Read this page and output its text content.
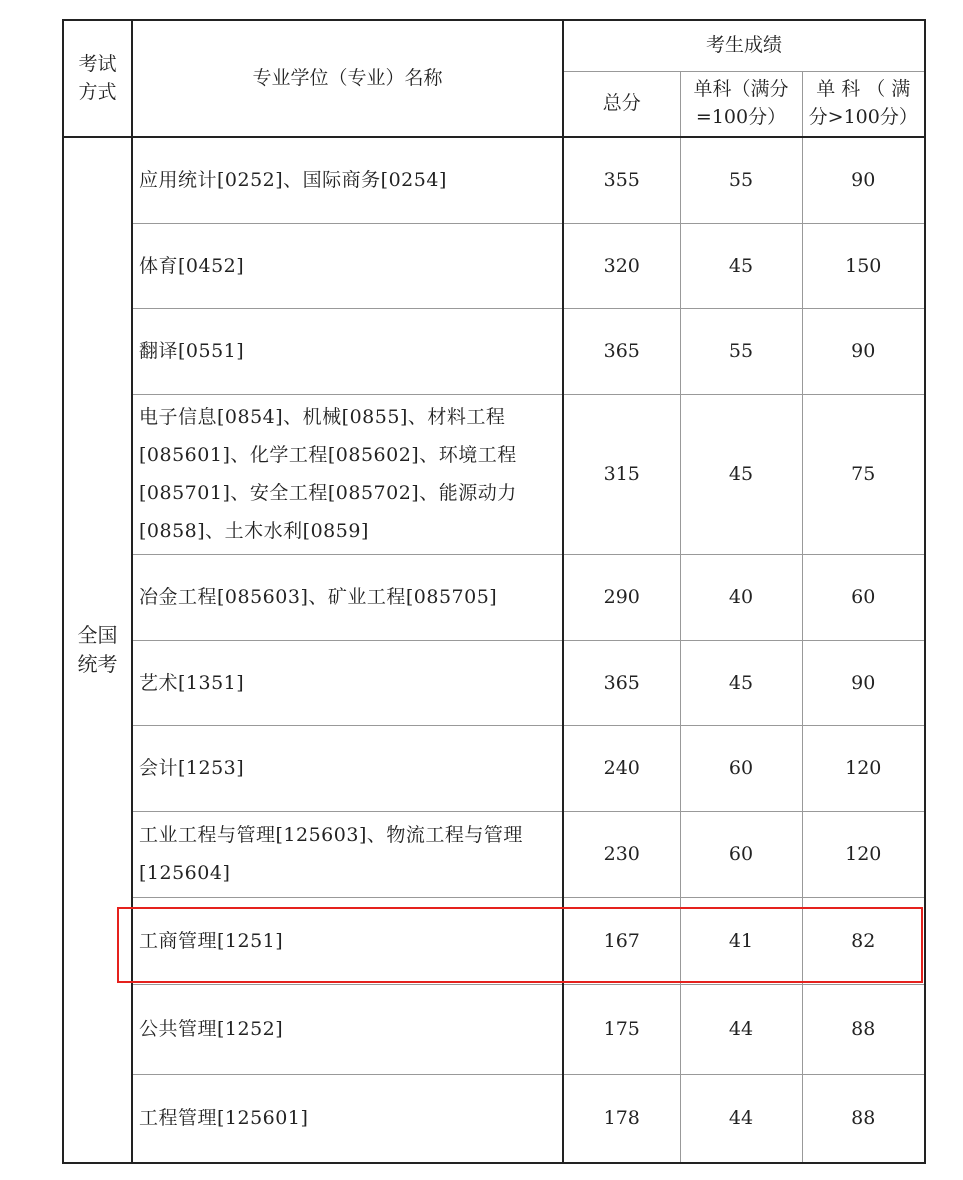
考试方式	专业学位（专业）名称	考生成绩		
		总分	单科（满分=100分）	单 科 （ 满分>100分）
全国统考	应用统计[0252]、国际商务[0254]	355	55	90
	体育[0452]	320	45	150
	翻译[0551]	365	55	90
	电子信息[0854]、机械[0855]、材料工程[085601]、化学工程[085602]、环境工程[085701]、安全工程[085702]、能源动力[0858]、土木水利[0859]	315	45	75
	冶金工程[085603]、矿业工程[085705]	290	40	60
	艺术[1351]	365	45	90
	会计[1253]	240	60	120
	工业工程与管理[125603]、物流工程与管理[125604]	230	60	120
	工商管理[1251]	167	41	82
	公共管理[1252]	175	44	88
	工程管理[125601]	178	44	88
